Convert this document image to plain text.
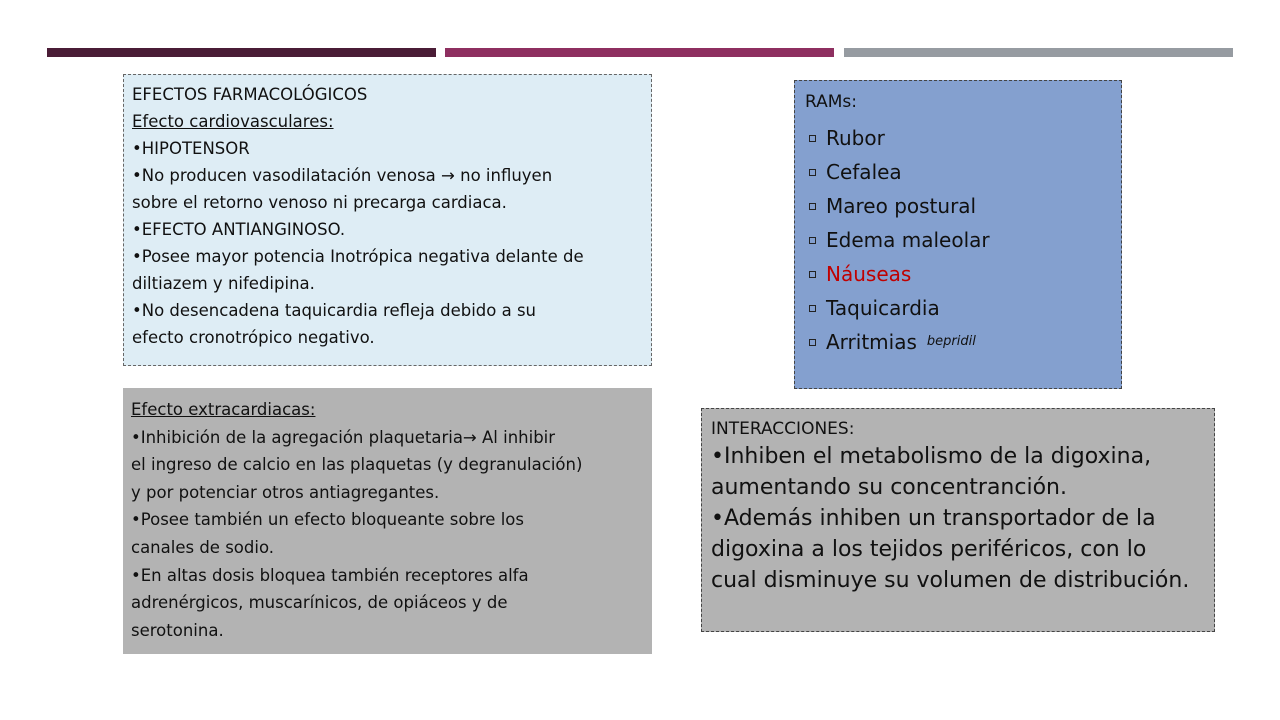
EFECTOS FARMACOLÓGICOS
Efecto cardiovasculares:
•HIPOTENSOR
•No producen vasodilatación venosa → no influyen
sobre el retorno venoso ni precarga cardiaca.
•EFECTO ANTIANGINOSO.
•Posee mayor potencia Inotrópica negativa delante de
diltiazem y nifedipina.
•No desencadena taquicardia refleja debido a su
efecto cronotrópico negativo.
Efecto extracardiacas:
•Inhibición de la agregación plaquetaria→ Al inhibir
el ingreso de calcio en las plaquetas (y degranulación)
y por potenciar otros antiagregantes.
•Posee también un efecto bloqueante sobre los
canales de sodio.
•En altas dosis bloquea también receptores alfa
adrenérgicos, muscarínicos, de opiáceos y de
serotonina.
RAMs:
Rubor
Cefalea
Mareo postural
Edema maleolar
Náuseas
Taquicardia
Arritmias bepridil
INTERACCIONES:
•Inhiben el metabolismo de la digoxina,
aumentando su concentranción.
•Además inhiben un transportador de la
digoxina a los tejidos periféricos, con lo
cual disminuye su volumen de distribución.
